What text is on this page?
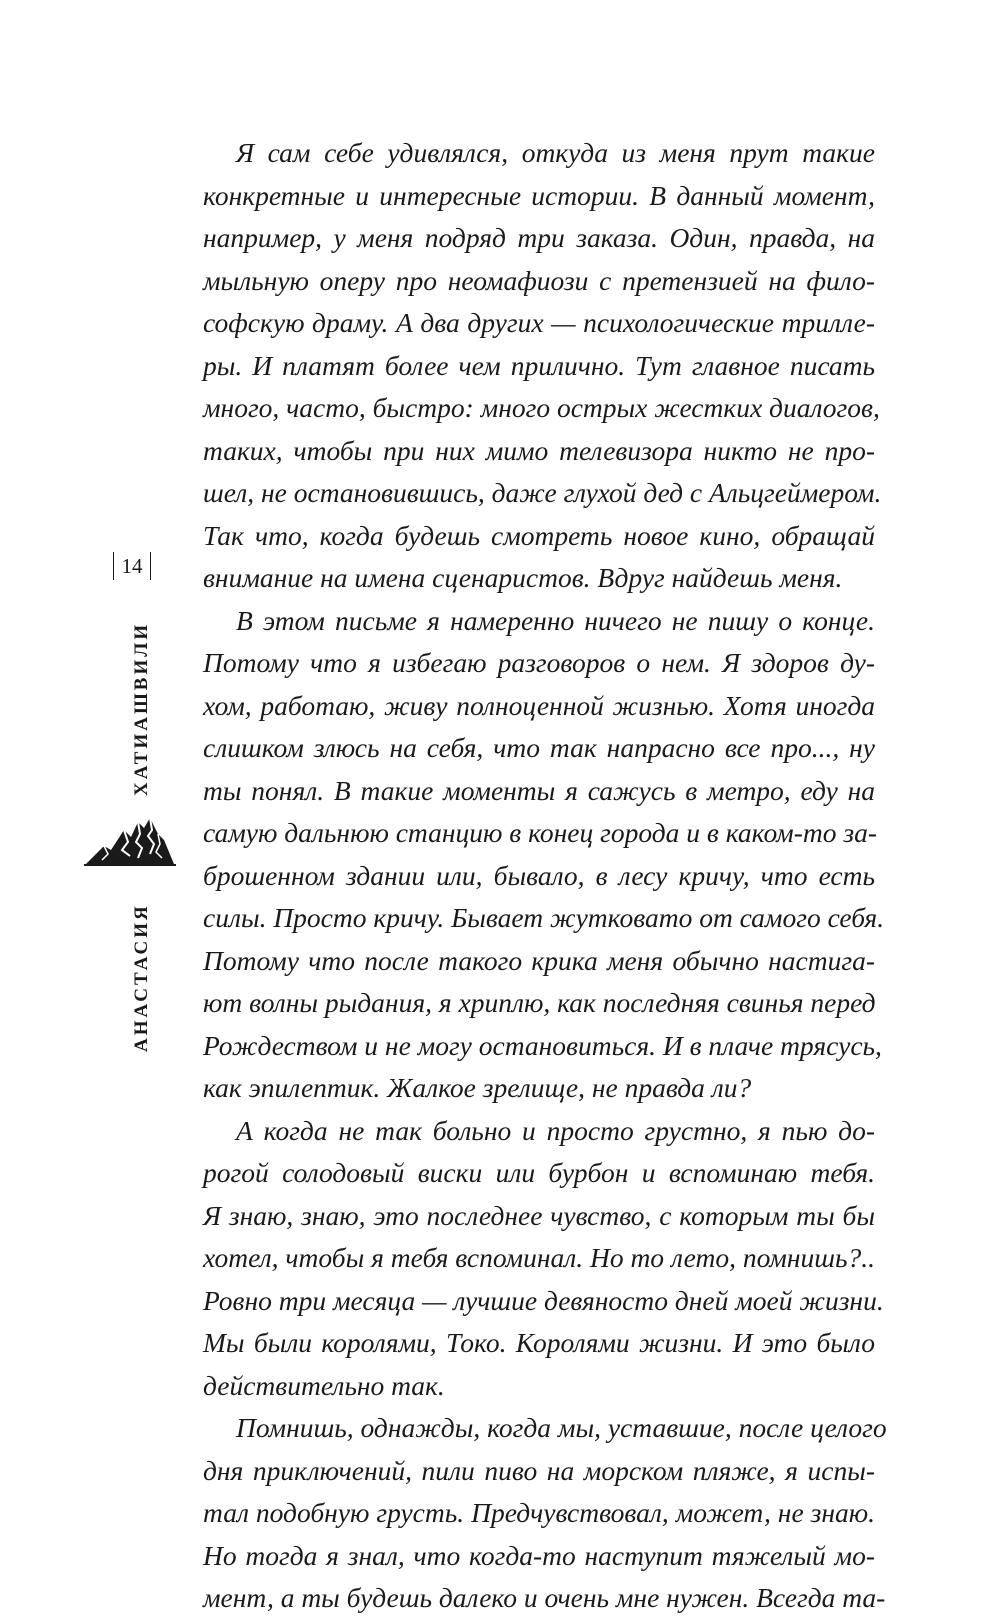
14
ХАТИАШВИЛИ
АНАСТАСИЯ

Я сам себе удивлялся, откуда из меня прут такие
конкретные и интересные истории. В данный момент,
например, у меня подряд три заказа. Один, правда, на
мыльную оперу про неомафиози с претензией на фило-
софскую драму. А два других — психологические трилле-
ры. И платят более чем прилично. Тут главное писать
много, часто, быстро: много острых жестких диалогов,
таких, чтобы при них мимо телевизора никто не про-
шел, не остановившись, даже глухой дед с Альцгеймером.
Так что, когда будешь смотреть новое кино, обращай
внимание на имена сценаристов. Вдруг найдешь меня.

В этом письме я намеренно ничего не пишу о конце.
Потому что я избегаю разговоров о нем. Я здоров ду-
хом, работаю, живу полноценной жизнью. Хотя иногда
слишком злюсь на себя, что так напрасно все про..., ну
ты понял. В такие моменты я сажусь в метро, еду на
самую дальнюю станцию в конец города и в каком-то за-
брошенном здании или, бывало, в лесу кричу, что есть
силы. Просто кричу. Бывает жутковато от самого себя.
Потому что после такого крика меня обычно настига-
ют волны рыдания, я хриплю, как последняя свинья перед
Рождеством и не могу остановиться. И в плаче трясусь,
как эпилептик. Жалкое зрелище, не правда ли?

А когда не так больно и просто грустно, я пью до-
рогой солодовый виски или бурбон и вспоминаю тебя.
Я знаю, знаю, это последнее чувство, с которым ты бы
хотел, чтобы я тебя вспоминал. Но то лето, помнишь?..
Ровно три месяца — лучшие девяносто дней моей жизни.
Мы были королями, Токо. Королями жизни. И это было
действительно так.

Помнишь, однажды, когда мы, уставшие, после целого
дня приключений, пили пиво на морском пляже, я испы-
тал подобную грусть. Предчувствовал, может, не знаю.
Но тогда я знал, что когда-то наступит тяжелый мо-
мент, а ты будешь далеко и очень мне нужен. Всегда та-
